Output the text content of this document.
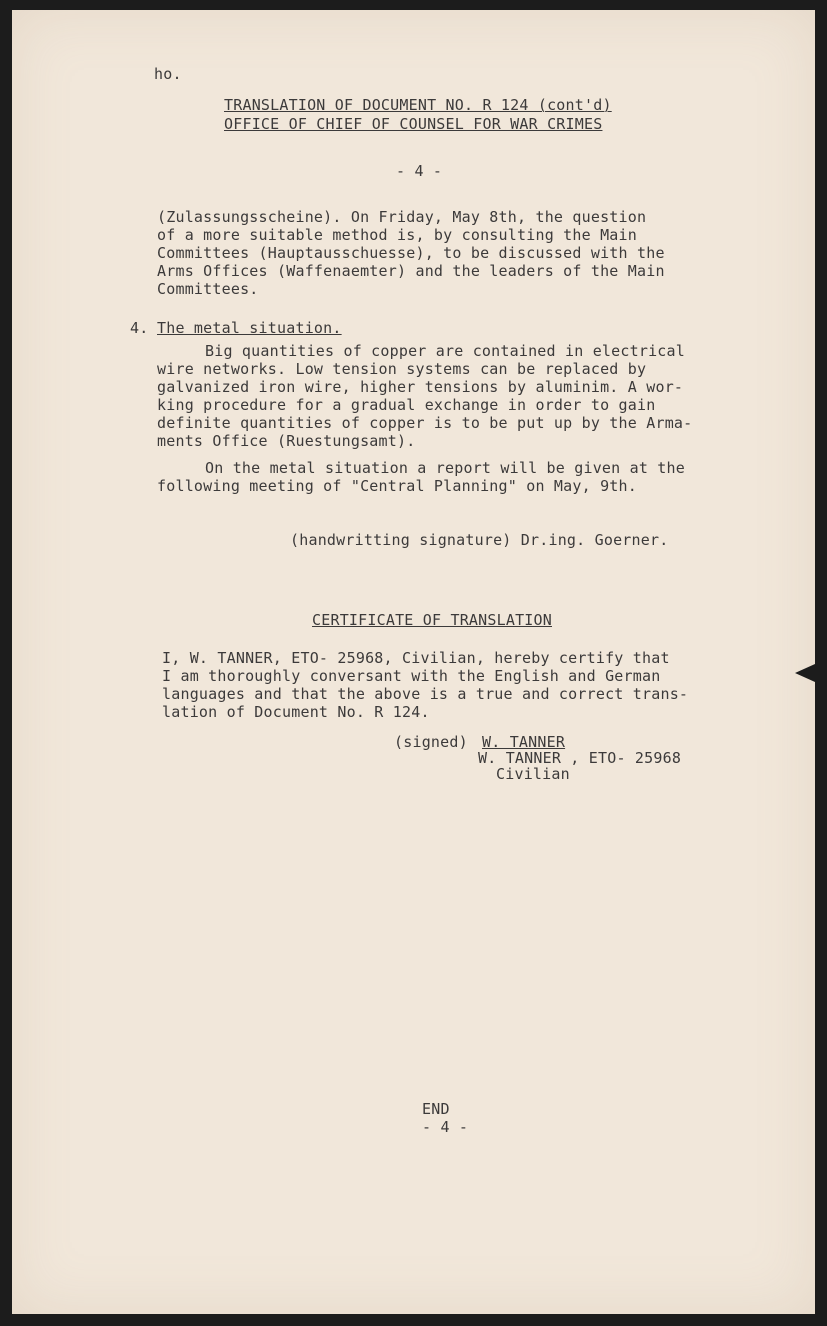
ho.
TRANSLATION OF DOCUMENT NO. R 124 (cont'd)
OFFICE OF CHIEF OF COUNSEL FOR WAR CRIMES
- 4 -
(Zulassungsscheine). On Friday, May 8th, the question
of a more suitable method is, by consulting the Main
Committees (Hauptausschuesse), to be discussed with the
Arms Offices (Waffenaemter) and the leaders of the Main
Committees.
4. The metal situation.
Big quantities of copper are contained in electrical
wire networks. Low tension systems can be replaced by
galvanized iron wire, higher tensions by aluminim. A wor-
king procedure for a gradual exchange in order to gain
definite quantities of copper is to be put up by the Arma-
ments Office (Ruestungsamt).
On the metal situation a report will be given at the
following meeting of "Central Planning" on May, 9th.
(handwritting signature) Dr.ing. Goerner.
CERTIFICATE OF TRANSLATION
I, W. TANNER, ETO- 25968, Civilian, hereby certify that
I am thoroughly conversant with the English and German
languages and that the above is a true and correct trans-
lation of Document No. R 124.
(signed) W. TANNER
W. TANNER , ETO- 25968
Civilian
END
- 4 -
